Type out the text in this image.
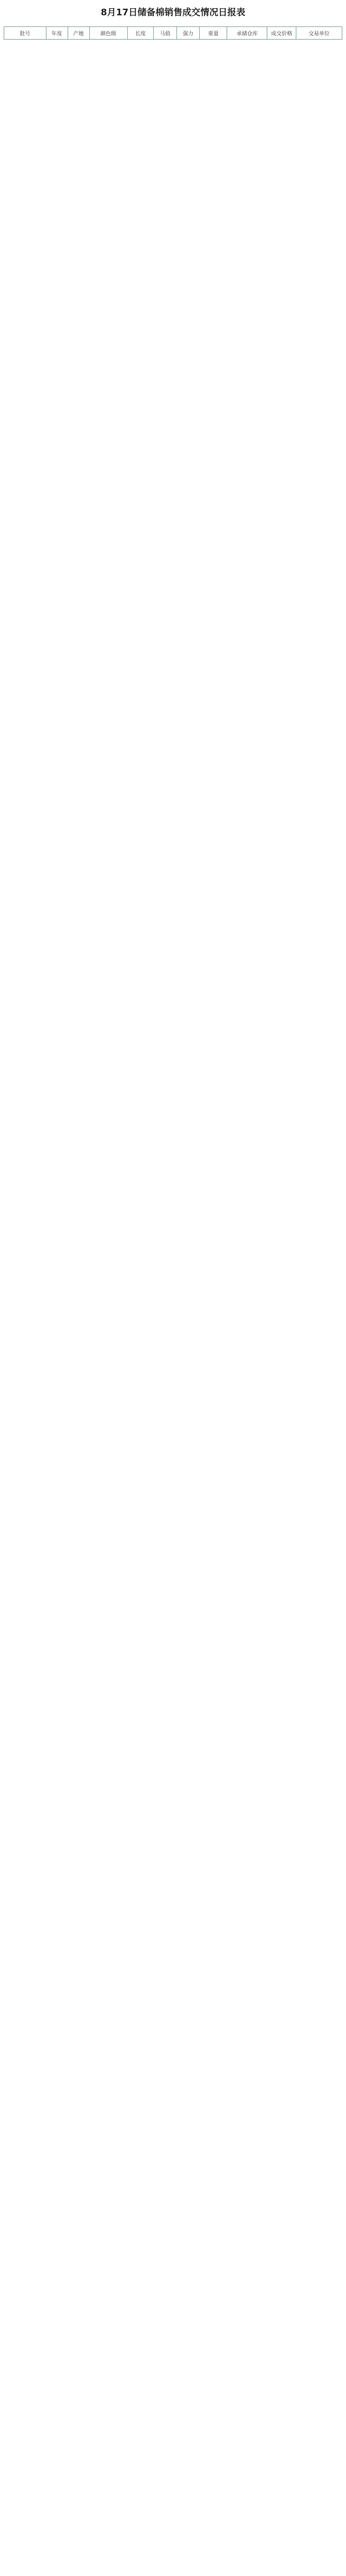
8月17日储备棉销售成交情况日报表
批号	年度	产地	颜色级	长度	马值	强力	重量	承储仓库	成交价格	交易单位
